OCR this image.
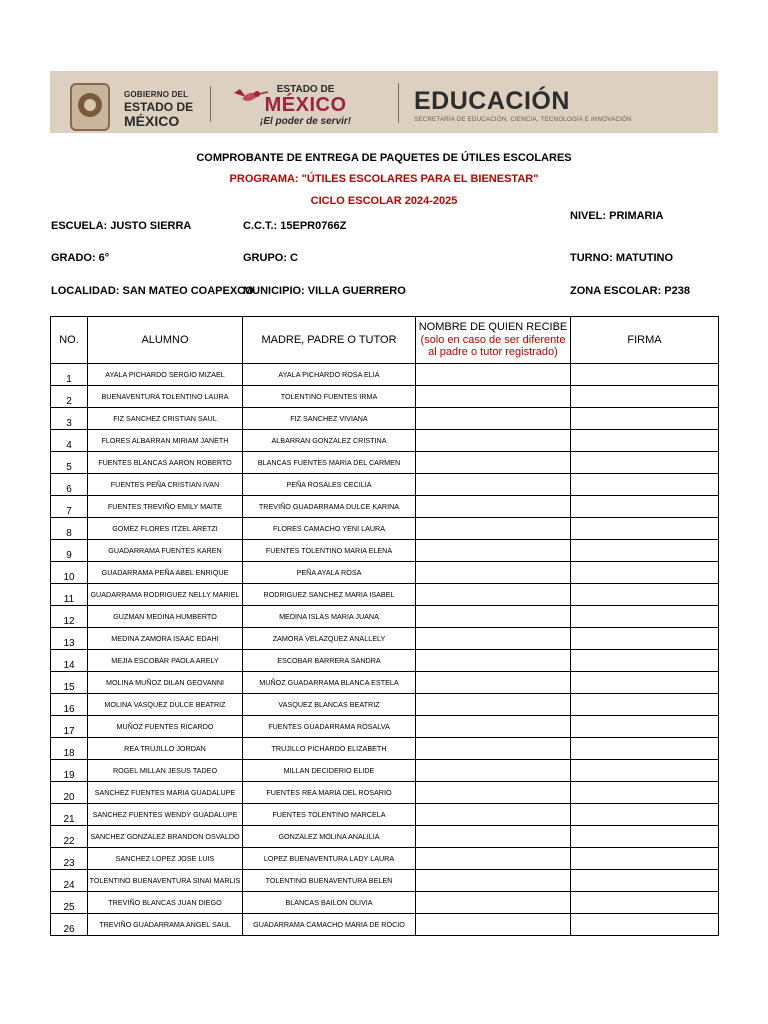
GOBIERNO DEL
ESTADO DE
MÉXICO
ESTADO DE
MÉXICO
¡El poder de servir!
EDUCACIÓN
SECRETARÍA DE EDUCACIÓN, CIENCIA, TECNOLOGÍA E INNOVACIÓN
COMPROBANTE DE ENTREGA DE PAQUETES DE ÚTILES ESCOLARES
PROGRAMA: "ÚTILES ESCOLARES PARA EL BIENESTAR"
CICLO ESCOLAR 2024-2025
ESCUELA: JUSTO SIERRA	C.C.T.: 15EPR0766Z
NIVEL: PRIMARIA
GRADO: 6°	GRUPO: C	TURNO: MATUTINO
LOCALIDAD: SAN MATEO COAPEXCO
MUNICIPIO: VILLA GUERRERO	ZONA ESCOLAR: P238
NO.	ALUMNO	MADRE, PADRE O TUTOR	NOMBRE DE QUIEN RECIBE
(solo en caso de ser diferente al padre o tutor registrado)	FIRMA
1	AYALA PICHARDO SERGIO MIZAEL	AYALA PICHARDO ROSA ELIA		
2	BUENAVENTURA TOLENTINO LAURA	TOLENTINO FUENTES IRMA		
3	FIZ SANCHEZ CRISTIAN SAUL	FIZ SANCHEZ VIVIANA		
4	FLORES ALBARRAN MIRIAM JANETH	ALBARRAN GONZALEZ CRISTINA		
5	FUENTES BLANCAS AARON ROBERTO	BLANCAS FUENTES MARIA DEL CARMEN		
6	FUENTES PEÑA CRISTIAN IVAN	PEÑA ROSALES CECILIA		
7	FUENTES TREVIÑO EMILY MAITE	TREVIÑO GUADARRAMA DULCE KARINA		
8	GOMEZ FLORES ITZEL ARETZI	FLORES CAMACHO YENI LAURA		
9	GUADARRAMA FUENTES KAREN	FUENTES TOLENTINO MARIA ELENA		
10	GUADARRAMA PEÑA ABEL ENRIQUE	PEÑA AYALA ROSA		
11	GUADARRAMA RODRIGUEZ NELLY MARIEL	RODRIGUEZ SANCHEZ MARIA ISABEL		
12	GUZMAN MEDINA HUMBERTO	MEDINA ISLAS MARIA JUANA		
13	MEDINA ZAMORA ISAAC EDAHI	ZAMORA VELAZQUEZ ANALLELY		
14	MEJIA ESCOBAR PAOLA ARELY	ESCOBAR BARRERA SANDRA		
15	MOLINA MUÑOZ DILAN GEOVANNI	MUÑOZ GUADARRAMA BLANCA ESTELA		
16	MOLINA VASQUEZ DULCE BEATRIZ	VASQUEZ BLANCAS BEATRIZ		
17	MUÑOZ FUENTES RICARDO	FUENTES GUADARRAMA ROSALVA		
18	REA TRUJILLO JORDAN	TRUJILLO PICHARDO ELIZABETH		
19	ROGEL MILLAN JESUS TADEO	MILLAN DECIDERIO ELIDE		
20	SANCHEZ FUENTES MARIA GUADALUPE	FUENTES REA MARIA DEL ROSARIO		
21	SANCHEZ FUENTES WENDY GUADALUPE	FUENTES TOLENTINO MARCELA		
22	SANCHEZ GONZALEZ BRANDON OSVALDO	GONZALEZ MOLINA ANALILIA		
23	SANCHEZ LOPEZ JOSE LUIS	LOPEZ BUENAVENTURA LADY LAURA		
24	TOLENTINO BUENAVENTURA SINAI MARLIS	TOLENTINO BUENAVENTURA BELEN		
25	TREVIÑO BLANCAS JUAN DIEGO	BLANCAS BAILON OLIVIA		
26	TREVIÑO GUADARRAMA ANGEL SAUL	GUADARRAMA CAMACHO MARIA DE ROCIO		
